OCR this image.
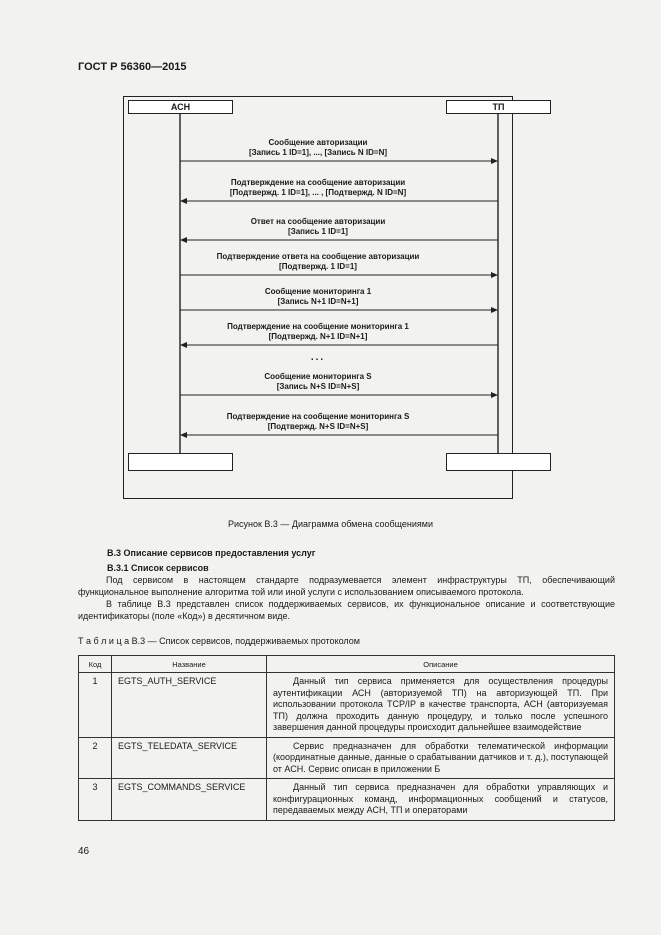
ГОСТ Р 56360—2015
АСН	ТП
Сообщение авторизации
[Запись 1 ID=1], ..., [Запись N ID=N]
Подтверждение на сообщение авторизации
[Подтвержд. 1 ID=1], ... , [Подтвержд. N ID=N]
Ответ на сообщение авторизации
[Запись 1 ID=1]
Подтверждение ответа на сообщение авторизации
[Подтвержд. 1 ID=1]
Сообщение мониторинга 1
[Запись N+1 ID=N+1]
Подтверждение на сообщение мониторинга 1
[Подтвержд. N+1 ID=N+1]
Сообщение мониторинга S
[Запись N+S ID=N+S]
Подтверждение на сообщение мониторинга S
[Подтвержд. N+S ID=N+S]
...
Рисунок В.3 — Диаграмма обмена сообщениями
В.3 Описание сервисов предоставления услуг
В.3.1 Список сервисов
Под сервисом в настоящем стандарте подразумевается элемент инфраструктуры ТП, обеспечивающий функциональное выполнение алгоритма той или иной услуги с использованием описываемого протокола.
В таблице В.3 представлен список поддерживаемых сервисов, их функциональное описание и соответствующие идентификаторы (поле «Код») в десятичном виде.
Т а б л и ц а В.3 — Список сервисов, поддерживаемых протоколом
Код	Название	Описание
1	EGTS_AUTH_SERVICE	Данный тип сервиса применяется для осуществления процедуры аутентификации АСН (авторизуемой ТП) на авторизующей ТП. При использовании протокола TCP/IP в качестве транспорта, АСН (авторизуемая ТП) должна проходить данную процедуру, и только после успешного завершения данной процедуры происходит дальнейшее взаимодействие
2	EGTS_TELEDATA_SERVICE	Сервис предназначен для обработки телематической информации (координатные данные, данные о срабатывании датчиков и т. д.), поступающей от АСН. Сервис описан в приложении Б
3	EGTS_COMMANDS_SERVICE	Данный тип сервиса предназначен для обработки управляющих и конфигурационных команд, информационных сообщений и статусов, передаваемых между АСН, ТП и операторами
46
